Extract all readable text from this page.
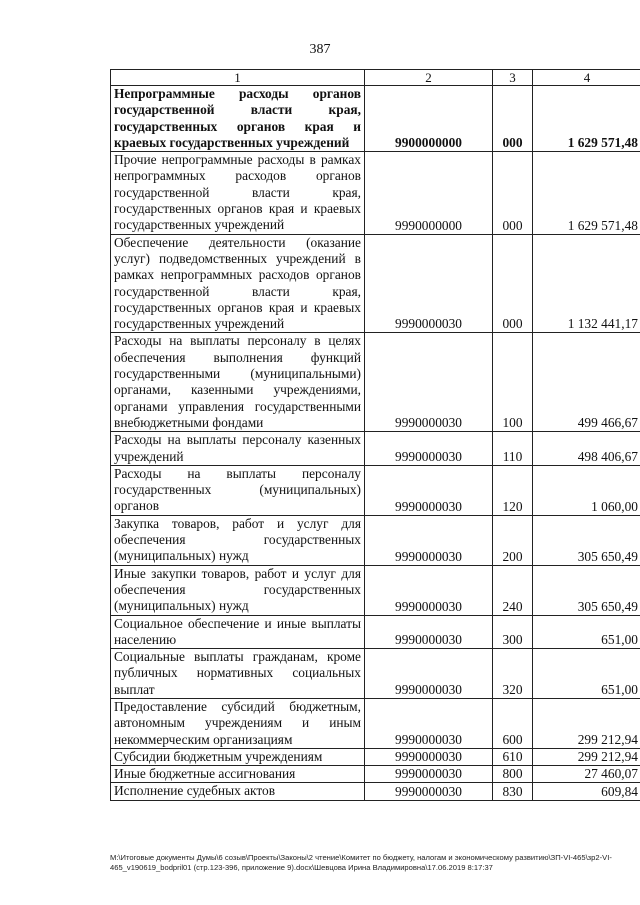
387
1	2	3	4
Непрограммные расходы органов государственной власти края, государственных органов края и краевых государственных учреждений	9900000000	000	1 629 571,48
Прочие непрограммные расходы в рамках непрограммных расходов органов государственной власти края, государственных органов края и краевых государственных учреждений	9990000000	000	1 629 571,48
Обеспечение деятельности (оказание услуг) подведомственных учреждений в рамках непрограммных расходов органов государственной власти края, государственных органов края и краевых государственных учреждений	9990000030	000	1 132 441,17
Расходы на выплаты персоналу в целях обеспечения выполнения функций государственными (муниципальными) органами, казенными учреждениями, органами управления государственными внебюджетными фондами	9990000030	100	499 466,67
Расходы на выплаты персоналу казенных учреждений	9990000030	110	498 406,67
Расходы на выплаты персоналу государственных (муниципальных) органов	9990000030	120	1 060,00
Закупка товаров, работ и услуг для обеспечения государственных (муниципальных) нужд	9990000030	200	305 650,49
Иные закупки товаров, работ и услуг для обеспечения государственных (муниципальных) нужд	9990000030	240	305 650,49
Социальное обеспечение и иные выплаты населению	9990000030	300	651,00
Социальные выплаты гражданам, кроме публичных нормативных социальных выплат	9990000030	320	651,00
Предоставление субсидий бюджетным, автономным учреждениям и иным некоммерческим организациям	9990000030	600	299 212,94
Субсидии бюджетным учреждениям	9990000030	610	299 212,94
Иные бюджетные ассигнования	9990000030	800	27 460,07
Исполнение судебных актов	9990000030	830	609,84
М:\Итоговые документы Думы\6 созыв\Проекты\Законы\2 чтение\Комитет по бюджету, налогам и экономическому развитию\ЗП-VI-465\зр2-VI-465_v190619_bodpril01 (стр.123-396, приложение 9).docx\Шевцова Ирина Владимировна\17.06.2019 8:17:37
